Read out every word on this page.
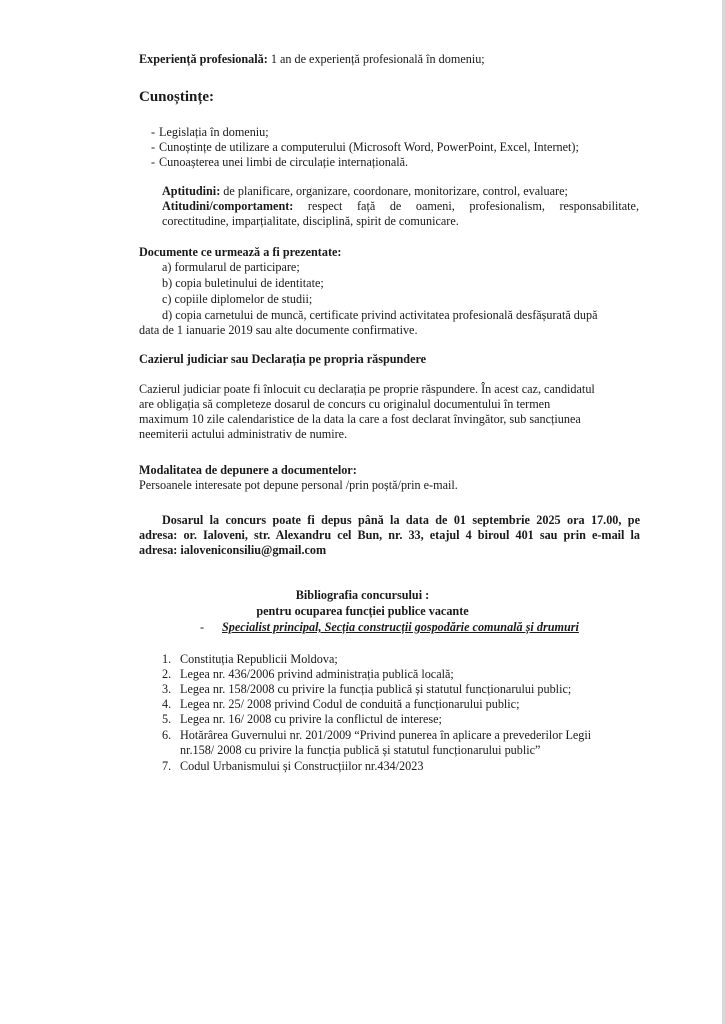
Experiență profesională: 1 an de experiență profesională în domeniu;
Cunoștințe:
- Legislația în domeniu;
- Cunoștințe de utilizare a computerului (Microsoft Word, PowerPoint, Excel, Internet);
- Cunoașterea unei limbi de circulație internațională.
Aptitudini: de planificare, organizare, coordonare, monitorizare, control, evaluare;
Atitudini/comportament: respect față de oameni, profesionalism, responsabilitate,
corectitudine, imparțialitate, disciplină, spirit de comunicare.
Documente ce urmează a fi prezentate:
a) formularul de participare;
b) copia buletinului de identitate;
c) copiile diplomelor de studii;
d) copia carnetului de muncă, certificate privind activitatea profesională desfășurată după
data de 1 ianuarie 2019 sau alte documente confirmative.
Cazierul judiciar sau Declarația pe propria răspundere
Cazierul judiciar poate fi înlocuit cu declarația pe proprie răspundere. În acest caz, candidatul
are obligația să completeze dosarul de concurs cu originalul documentului în termen
maximum 10 zile calendaristice de la data la care a fost declarat învingător, sub sancțiunea
neemiterii actului administrativ de numire.
Modalitatea de depunere a documentelor:
Persoanele interesate pot depune personal /prin poștă/prin e-mail.
Dosarul la concurs poate fi depus până la data de 01 septembrie 2025 ora 17.00, pe
adresa: or. Ialoveni, str. Alexandru cel Bun, nr. 33, etajul 4 biroul 401 sau prin e-mail la
adresa: ialoveniconsiliu@gmail.com
Bibliografia concursului :
pentru ocuparea funcției publice vacante
- Specialist principal, Secția construcții gospodărie comunală și drumuri
1. Constituția Republicii Moldova;
2. Legea nr. 436/2006 privind administrația publică locală;
3. Legea nr. 158/2008 cu privire la funcția publică și statutul funcționarului public;
4. Legea nr. 25/ 2008 privind Codul de conduită a funcționarului public;
5. Legea nr. 16/ 2008 cu privire la conflictul de interese;
6. Hotărârea Guvernului nr. 201/2009 “Privind punerea în aplicare a prevederilor Legii
nr.158/ 2008 cu privire la funcția publică și statutul funcționarului public”
7. Codul Urbanismului și Construcțiilor nr.434/2023
